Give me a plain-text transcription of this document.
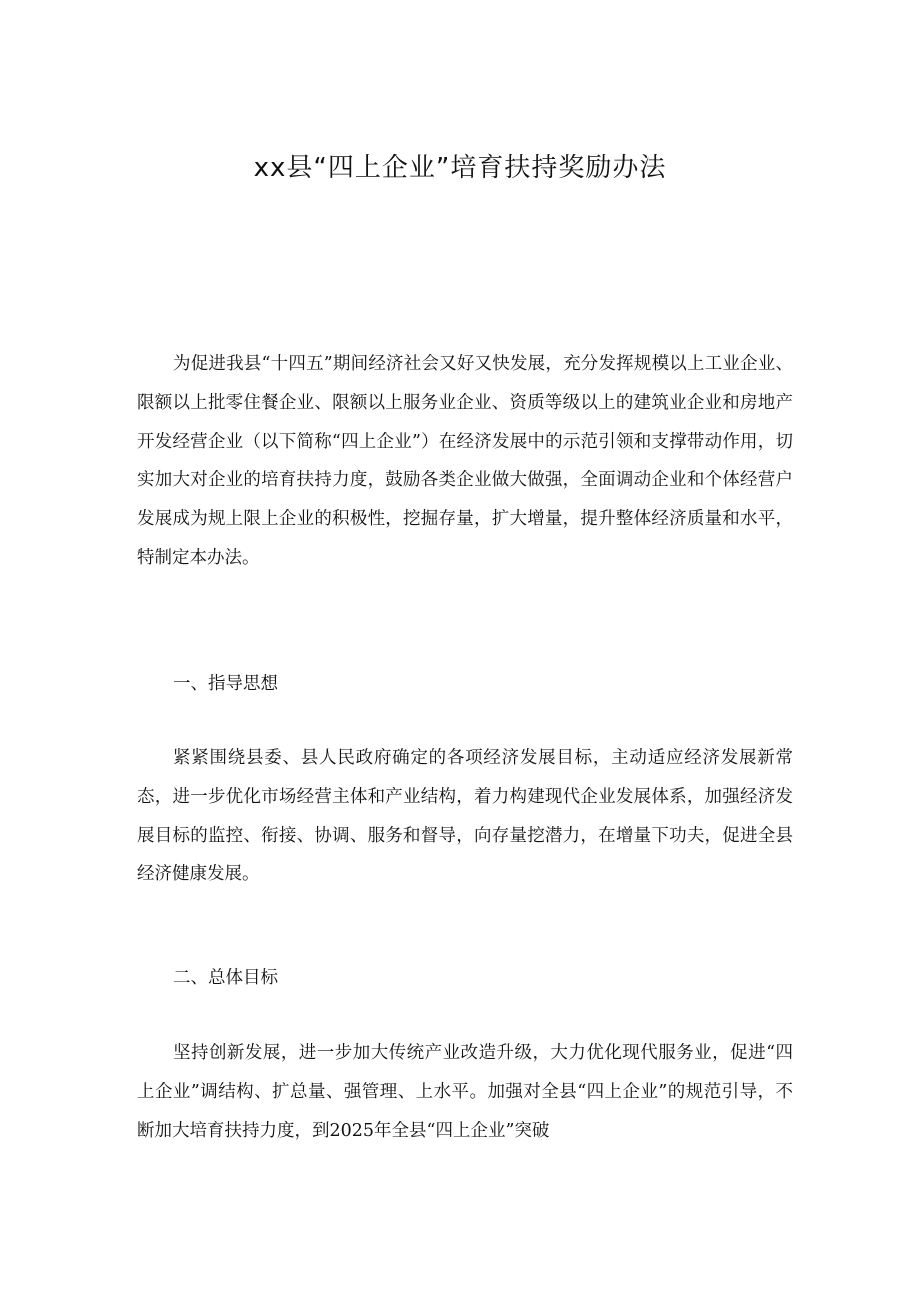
xx县“四上企业”培育扶持奖励办法

为促进我县“十四五”期间经济社会又好又快发展，充分发挥规模以上工业企业、限额以上批零住餐企业、限额以上服务业企业、资质等级以上的建筑业企业和房地产开发经营企业（以下简称“四上企业”）在经济发展中的示范引领和支撑带动作用，切实加大对企业的培育扶持力度，鼓励各类企业做大做强，全面调动企业和个体经营户发展成为规上限上企业的积极性，挖掘存量，扩大增量，提升整体经济质量和水平，特制定本办法。

一、指导思想

紧紧围绕县委、县人民政府确定的各项经济发展目标，主动适应经济发展新常态，进一步优化市场经营主体和产业结构，着力构建现代企业发展体系，加强经济发展目标的监控、衔接、协调、服务和督导，向存量挖潜力，在增量下功夫，促进全县经济健康发展。

二、总体目标

坚持创新发展，进一步加大传统产业改造升级，大力优化现代服务业，促进“四上企业”调结构、扩总量、强管理、上水平。加强对全县“四上企业”的规范引导，不断加大培育扶持力度，到2025年全县“四上企业”突破
